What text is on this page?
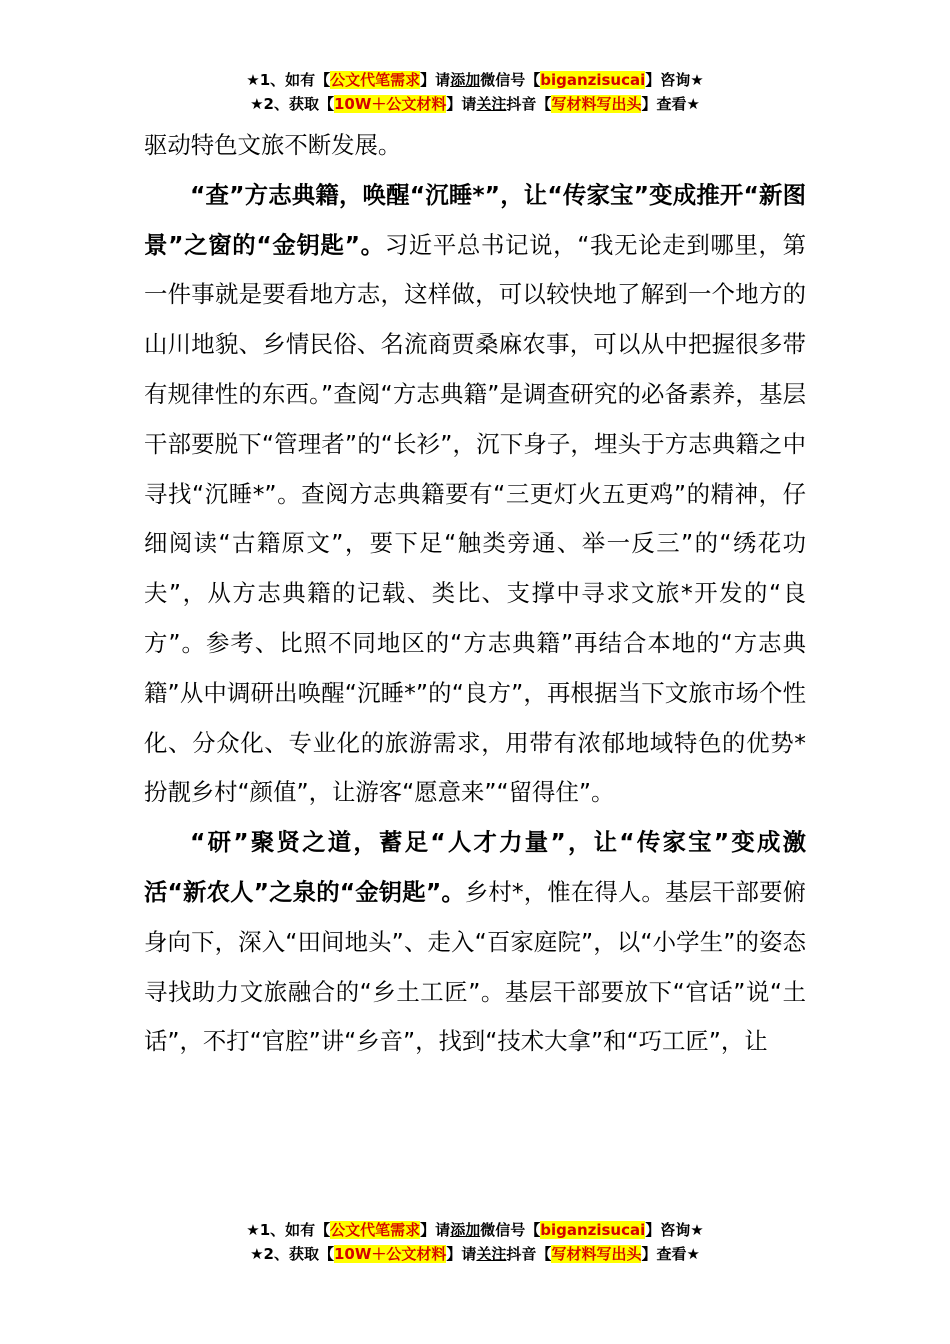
★1、如有【公文代笔需求】请添加微信号【biganzisucai】咨询★
★2、获取【10W＋公文材料】请关注抖音【写材料写出头】查看★

驱动特色文旅不断发展。

“查”方志典籍，唤醒“沉睡*”，让“传家宝”变成推开“新图景”之窗的“金钥匙”。习近平总书记说，“我无论走到哪里，第一件事就是要看地方志，这样做，可以较快地了解到一个地方的山川地貌、乡情民俗、名流商贾桑麻农事，可以从中把握很多带有规律性的东西。”查阅“方志典籍”是调查研究的必备素养，基层干部要脱下“管理者”的“长衫”，沉下身子，埋头于方志典籍之中寻找“沉睡*”。查阅方志典籍要有“三更灯火五更鸡”的精神，仔细阅读“古籍原文”，要下足“触类旁通、举一反三”的“绣花功夫”，从方志典籍的记载、类比、支撑中寻求文旅*开发的“良方”。参考、比照不同地区的“方志典籍”再结合本地的“方志典籍”从中调研出唤醒“沉睡*”的“良方”，再根据当下文旅市场个性化、分众化、专业化的旅游需求，用带有浓郁地域特色的优势*扮靓乡村“颜值”，让游客“愿意来”“留得住”。

“研”聚贤之道，蓄足“人才力量”，让“传家宝”变成激活“新农人”之泉的“金钥匙”。乡村*，惟在得人。基层干部要俯身向下，深入“田间地头”、走入“百家庭院”，以“小学生”的姿态寻找助力文旅融合的“乡土工匠”。基层干部要放下“官话”说“土话”，不打“官腔”讲“乡音”，找到“技术大拿”和“巧工匠”，让

★1、如有【公文代笔需求】请添加微信号【biganzisucai】咨询★
★2、获取【10W＋公文材料】请关注抖音【写材料写出头】查看★
